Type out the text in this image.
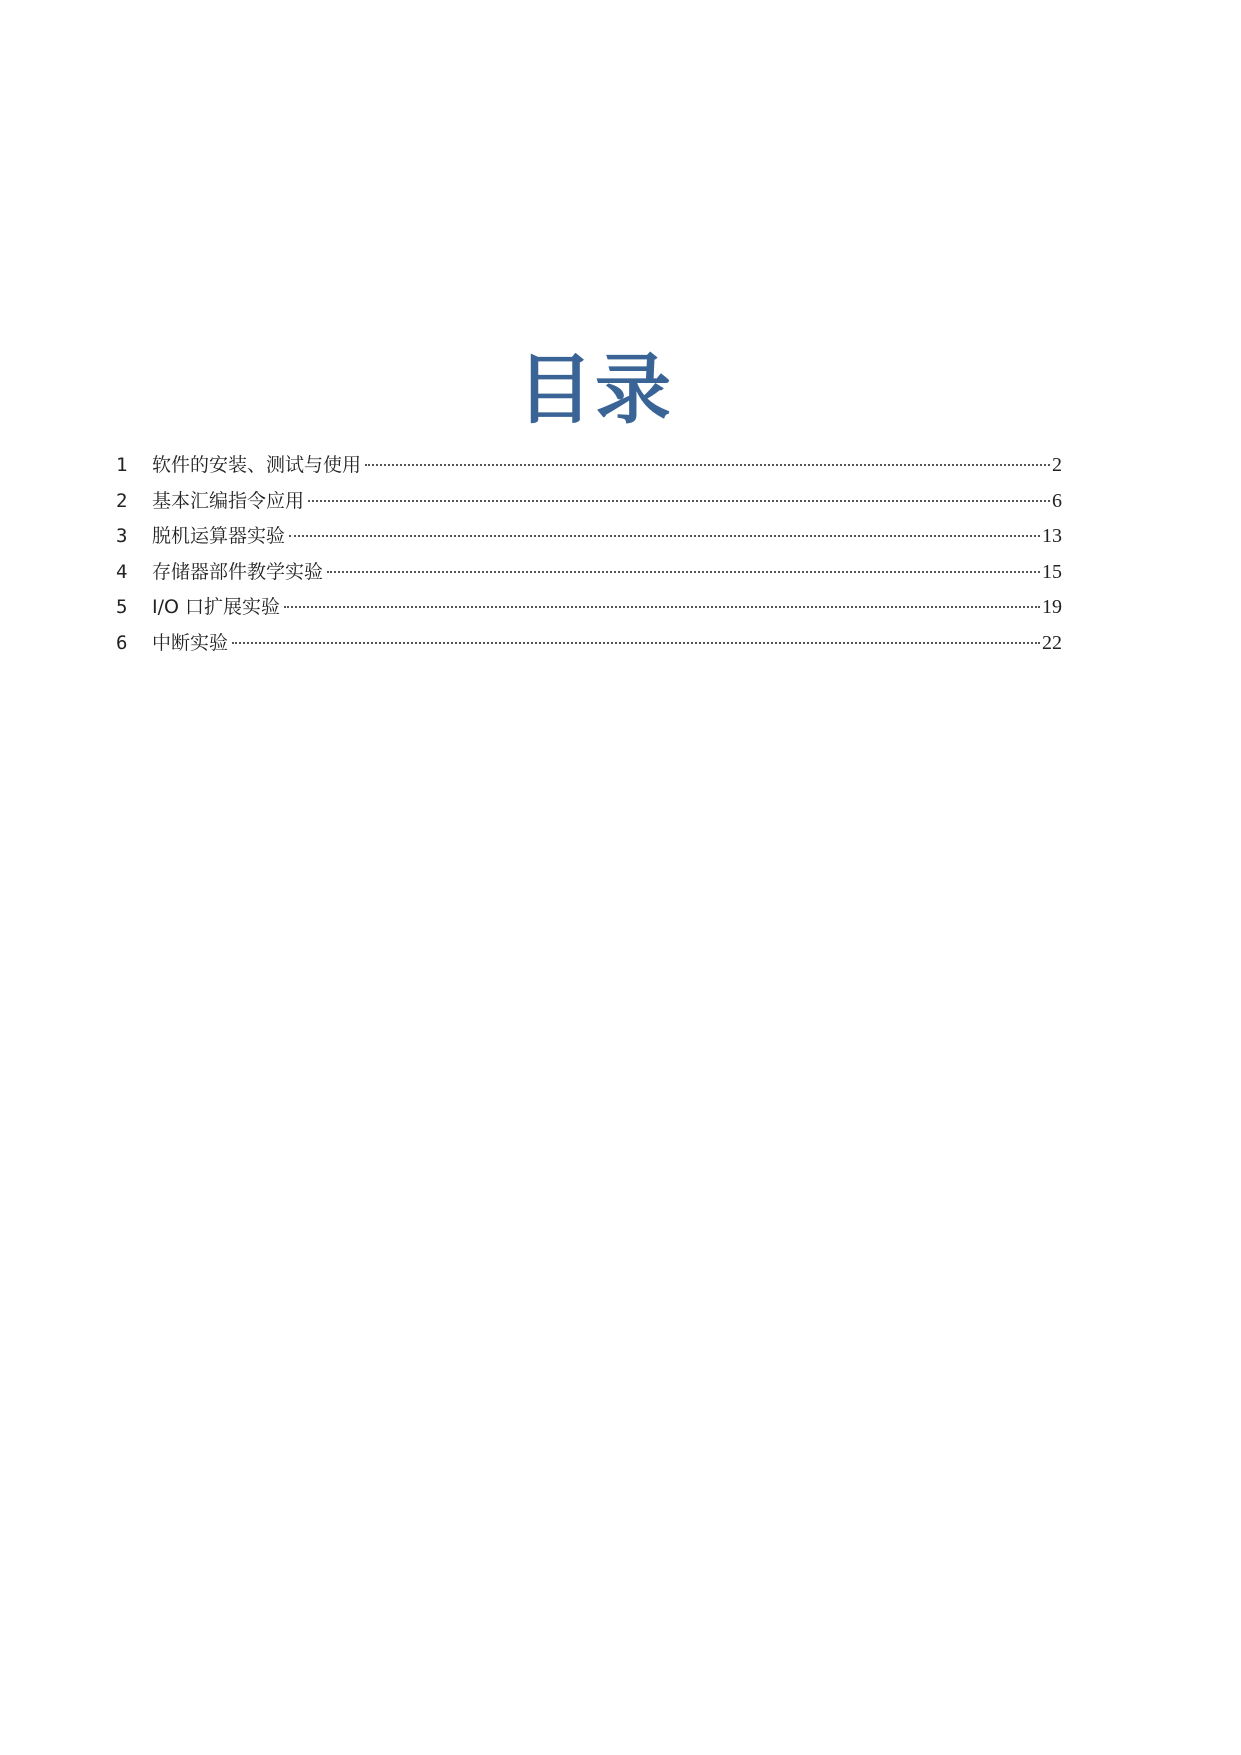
目录
1	软件的安装、测试与使用	2
2	基本汇编指令应用	6
3	脱机运算器实验	13
4	存储器部件教学实验	15
5	I/O 口扩展实验	19
6	中断实验	22
